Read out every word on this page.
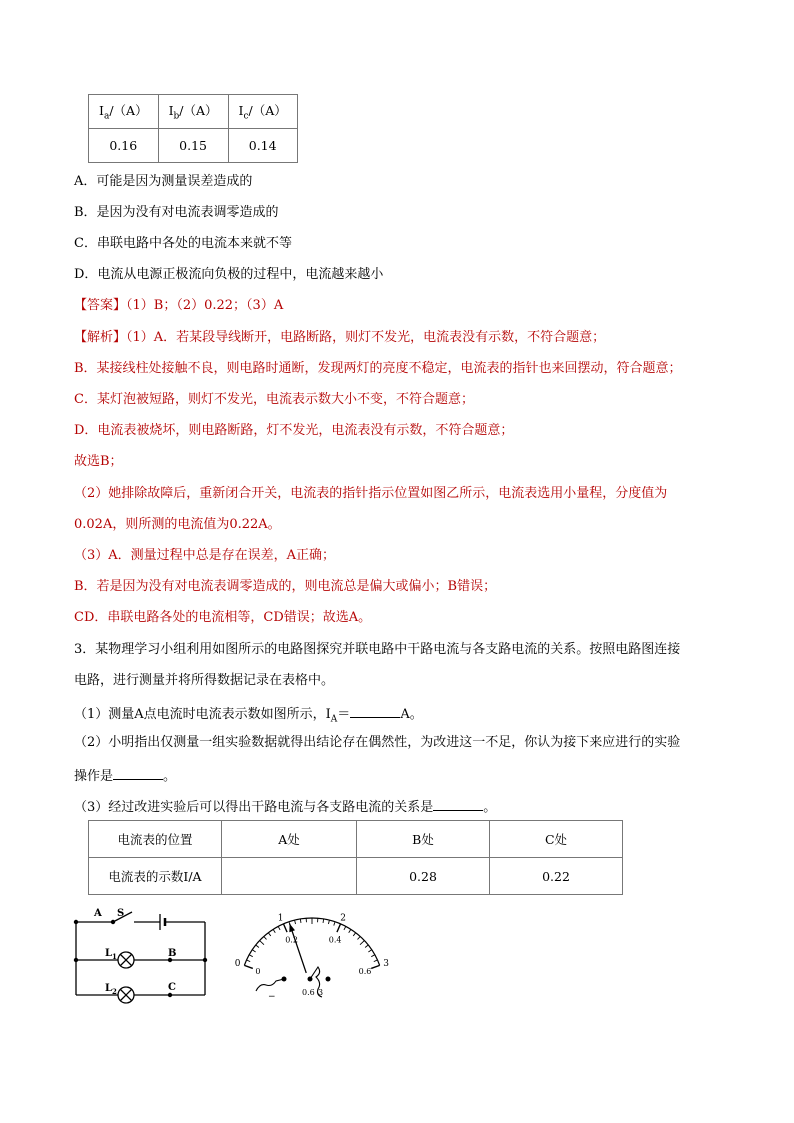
$I_a/(A)$	$I_b/(A)$	$I_c/(A)$
0.16	0.15	0.14
A．可能是因为测量误差造成的
B．是因为没有对电流表调零造成的
C．串联电路中各处的电流本来就不等
D．电流从电源正极流向负极的过程中，电流越来越小
【答案】（1）B；（2）0.22；（3）A
【解析】（1）A．若某段导线断开，电路断路，则灯不发光，电流表没有示数，不符合题意；
B．某接线柱处接触不良，则电路时通断，发现两灯的亮度不稳定，电流表的指针也来回摆动，符合题意；
C．某灯泡被短路，则灯不发光，电流表示数大小不变，不符合题意；
D．电流表被烧坏，则电路断路，灯不发光，电流表没有示数，不符合题意；
故选B；
（2）她排除故障后，重新闭合开关，电流表的指针指示位置如图乙所示，电流表选用小量程，分度值为
0.02A，则所测的电流值为0.22A。
（3）A．测量过程中总是存在误差，A正确；
B．若是因为没有对电流表调零造成的，则电流总是偏大或偏小；B错误；
CD．串联电路各处的电流相等，CD错误；故选A。
3．某物理学习小组利用如图所示的电路图探究并联电路中干路电流与各支路电流的关系。按照电路图连接
电路，进行测量并将所得数据记录在表格中。
（1）测量A点电流时电流表示数如图所示，$I_A=$	A。
（2）小明指出仅测量一组实验数据就得出结论存在偶然性，为改进这一不足，你认为接下来应进行的实验
操作是	。
（3）经过改进实验后可以得出干路电流与各支路电流的关系是	。
电流表的位置	A处	B处	C处
电流表的示数I/A		0.28	0.22
A S
B
C
$L_1$
$L_2$
0
1	2
3
0
0.2	0.4
0.6
−	0.6 3
